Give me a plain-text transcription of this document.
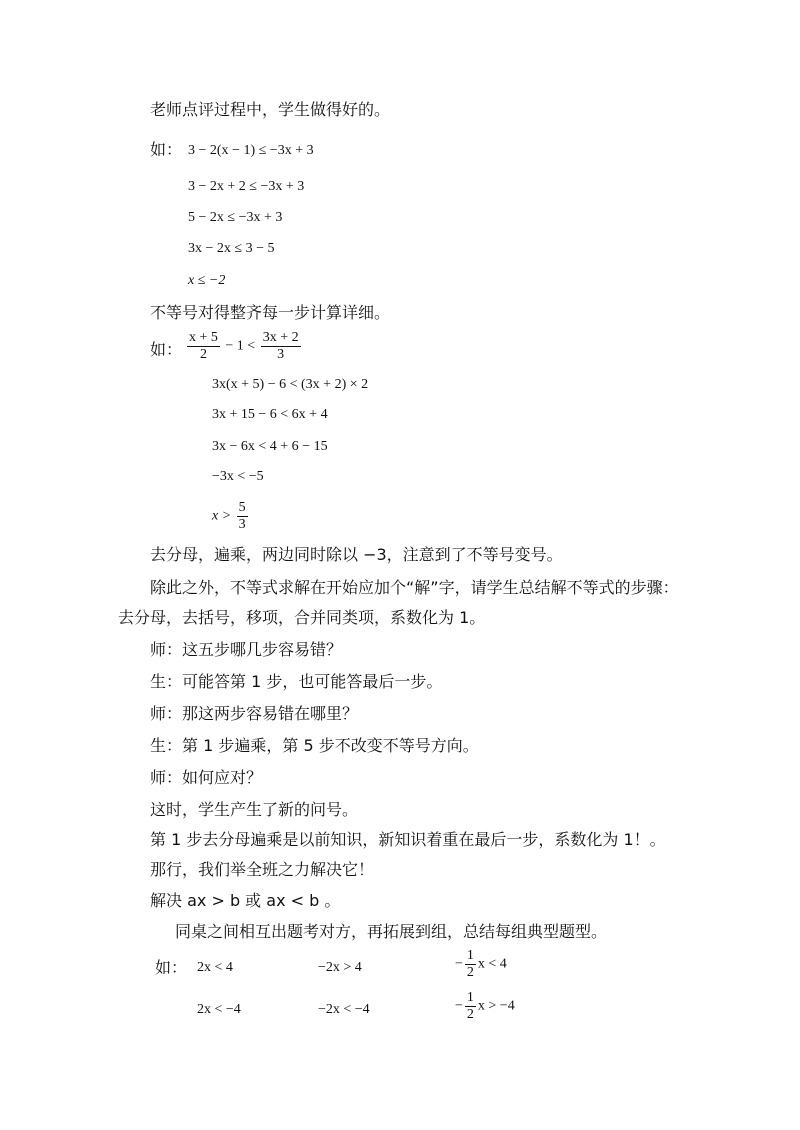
老师点评过程中，学生做得好的。
如： 3 − 2(x − 1) ≤ −3x + 3
3 − 2x + 2 ≤ −3x + 3
5 − 2x ≤ −3x + 3
3x − 2x ≤ 3 − 5
x ≤ −2
不等号对得整齐每一步计算详细。
如： $\frac{x + 5}{2} - 1 < \frac{3x + 2}{3}$
3x(x + 5) − 6 < (3x + 2) × 2
3x + 15 − 6 < 6x + 4
3x − 6x < 4 + 6 − 15
−3x < −5
$x > \frac{5}{3}$
去分母，遍乘，两边同时除以 −3，注意到了不等号变号。
除此之外，不等式求解在开始应加个“解”字，请学生总结解不等式的步骤：
去分母，去括号，移项，合并同类项，系数化为 1。
师：这五步哪几步容易错？
生：可能答第 1 步，也可能答最后一步。
师：那这两步容易错在哪里？
生：第 1 步遍乘，第 5 步不改变不等号方向。
师：如何应对？
这时，学生产生了新的问号。
第 1 步去分母遍乘是以前知识，新知识着重在最后一步，系数化为 1！。
那行，我们举全班之力解决它！
解决 ax > b 或 ax < b 。
同桌之间相互出题考对方，再拓展到组，总结每组典型题型。
如： 2x < 4	−2x > 4	− $\frac{1}{2}$ x < 4
2x < −4	−2x < −4	− $\frac{1}{2}$ x > −4
